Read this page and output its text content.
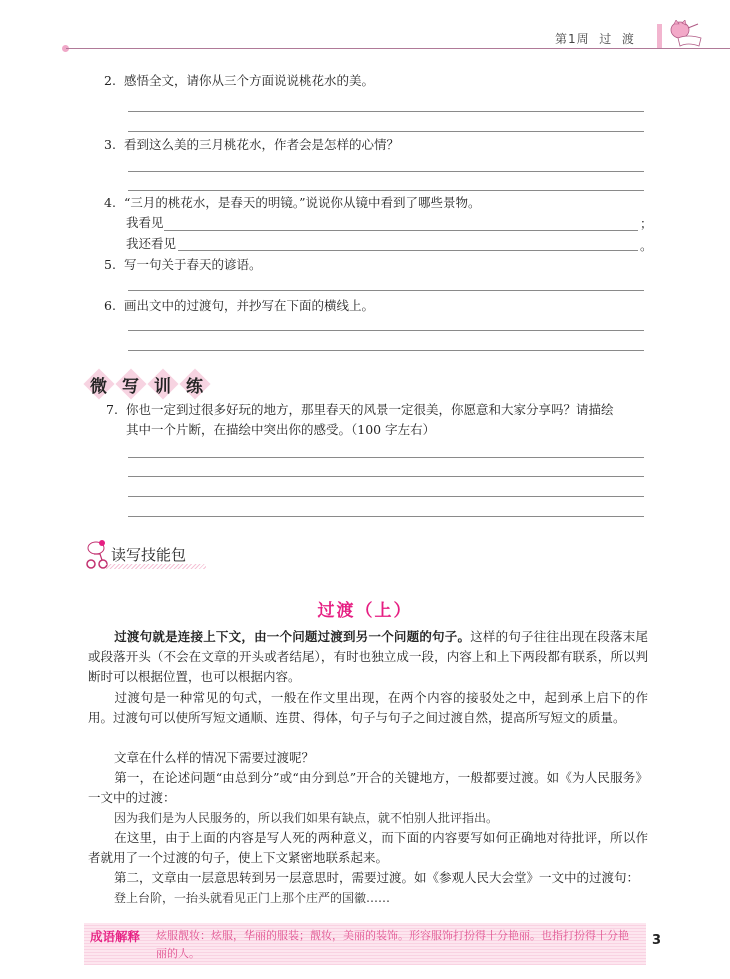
第1周  过  渡
2. 感悟全文，请你从三个方面说说桃花水的美。
3. 看到这么美的三月桃花水，作者会是怎样的心情？
4. “三月的桃花水，是春天的明镜。”说说你从镜中看到了哪些景物。
我看见	；
我还看见	。
5. 写一句关于春天的谚语。
6. 画出文中的过渡句，并抄写在下面的横线上。
微 写 训 练
7. 你也一定到过很多好玩的地方，那里春天的风景一定很美，你愿意和大家分享吗？请描绘
其中一个片断，在描绘中突出你的感受。（100 字左右）
读写技能包
过渡（上）
过渡句就是连接上下文，由一个问题过渡到另一个问题的句子。这样的句子往往出现在段落末尾或段落开头（不会在文章的开头或者结尾），有时也独立成一段，内容上和上下两段都有联系，所以判断时可以根据位置，也可以根据内容。
过渡句是一种常见的句式，一般在作文里出现，在两个内容的接驳处之中，起到承上启下的作用。过渡句可以使所写短文通顺、连贯、得体，句子与句子之间过渡自然，提高所写短文的质量。
文章在什么样的情况下需要过渡呢？
第一，在论述问题“由总到分”或“由分到总”开合的关键地方，一般都要过渡。如《为人民服务》一文中的过渡：
因为我们是为人民服务的，所以我们如果有缺点，就不怕别人批评指出。
在这里，由于上面的内容是写人死的两种意义，而下面的内容要写如何正确地对待批评，所以作者就用了一个过渡的句子，使上下文紧密地联系起来。
第二，文章由一层意思转到另一层意思时，需要过渡。如《参观人民大会堂》一文中的过渡句：
登上台阶，一抬头就看见正门上那个庄严的国徽……
成语解释 炫服靓妆：炫服，华丽的服装；靓妆，美丽的装饰。形容服饰打扮得十分艳丽。也指打扮得十分艳丽的人。
3
